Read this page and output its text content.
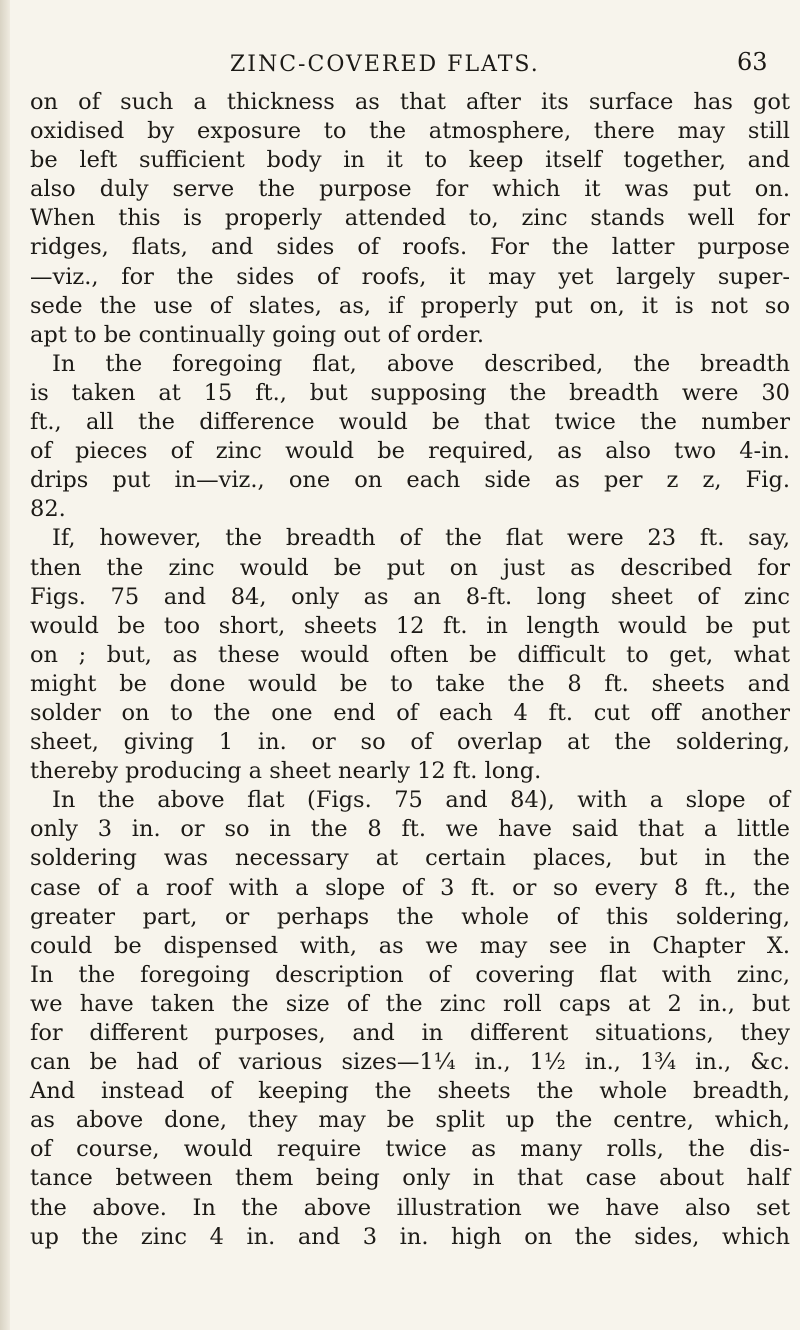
ZINC-COVERED FLATS.	63
on of such a thickness as that after its surface has got
oxidised by exposure to the atmosphere, there may still
be left sufficient body in it to keep itself together, and
also duly serve the purpose for which it was put on.
When this is properly attended to, zinc stands well for
ridges, flats, and sides of roofs. For the latter purpose
—viz., for the sides of roofs, it may yet largely super-
sede the use of slates, as, if properly put on, it is not so
apt to be continually going out of order.
In the foregoing flat, above described, the breadth
is taken at 15 ft., but supposing the breadth were 30
ft., all the difference would be that twice the number
of pieces of zinc would be required, as also two 4-in.
drips put in—viz., one on each side as per z z, Fig.
82.
If, however, the breadth of the flat were 23 ft. say,
then the zinc would be put on just as described for
Figs. 75 and 84, only as an 8-ft. long sheet of zinc
would be too short, sheets 12 ft. in length would be put
on ; but, as these would often be difficult to get, what
might be done would be to take the 8 ft. sheets and
solder on to the one end of each 4 ft. cut off another
sheet, giving 1 in. or so of overlap at the soldering,
thereby producing a sheet nearly 12 ft. long.
In the above flat (Figs. 75 and 84), with a slope of
only 3 in. or so in the 8 ft. we have said that a little
soldering was necessary at certain places, but in the
case of a roof with a slope of 3 ft. or so every 8 ft., the
greater part, or perhaps the whole of this soldering,
could be dispensed with, as we may see in Chapter X.
In the foregoing description of covering flat with zinc,
we have taken the size of the zinc roll caps at 2 in., but
for different purposes, and in different situations, they
can be had of various sizes—1¼ in., 1½ in., 1¾ in., &c.
And instead of keeping the sheets the whole breadth,
as above done, they may be split up the centre, which,
of course, would require twice as many rolls, the dis-
tance between them being only in that case about half
the above. In the above illustration we have also set
up the zinc 4 in. and 3 in. high on the sides, which
